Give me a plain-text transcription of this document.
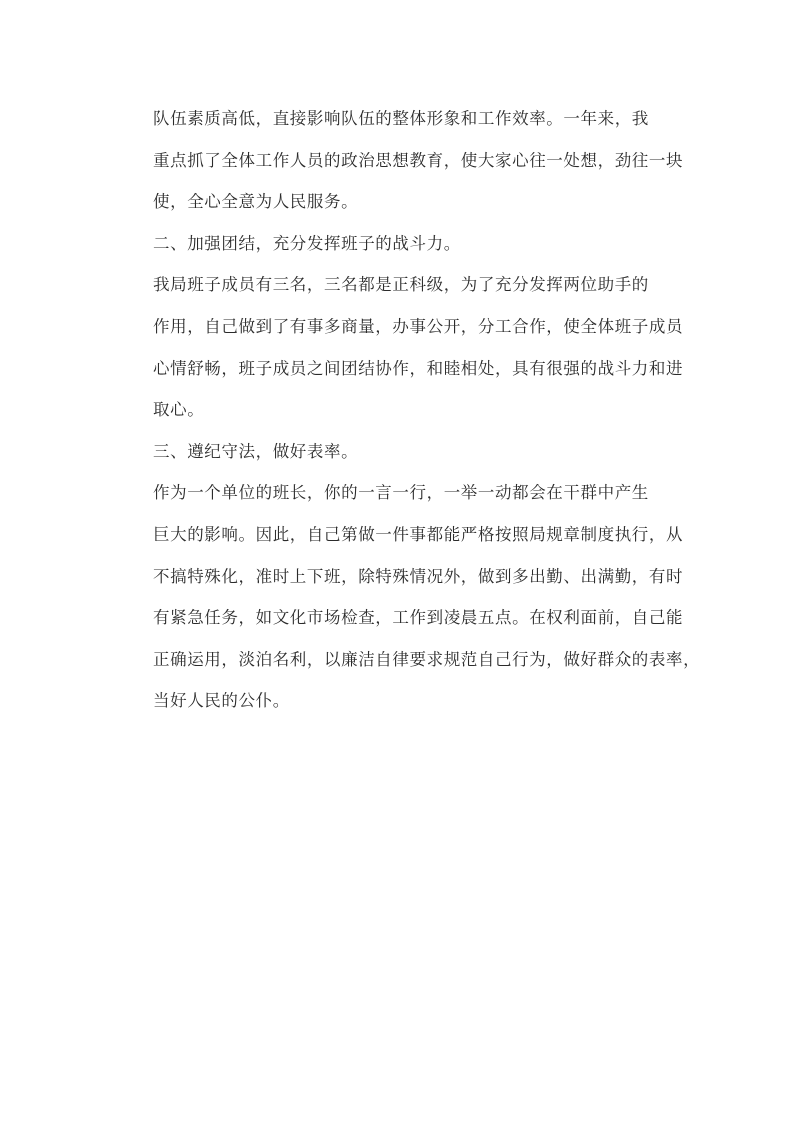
队伍素质高低，直接影响队伍的整体形象和工作效率。一年来，我
重点抓了全体工作人员的政治思想教育，使大家心往一处想，劲往一块
使，全心全意为人民服务。

二、加强团结，充分发挥班子的战斗力。

我局班子成员有三名，三名都是正科级，为了充分发挥两位助手的
作用，自己做到了有事多商量，办事公开，分工合作，使全体班子成员
心情舒畅，班子成员之间团结协作，和睦相处，具有很强的战斗力和进
取心。

三、遵纪守法，做好表率。

作为一个单位的班长，你的一言一行，一举一动都会在干群中产生
巨大的影响。因此，自己第做一件事都能严格按照局规章制度执行，从
不搞特殊化，准时上下班，除特殊情况外，做到多出勤、出满勤，有时
有紧急任务，如文化市场检查，工作到凌晨五点。在权利面前，自己能
正确运用，淡泊名利，以廉洁自律要求规范自己行为，做好群众的表率，
当好人民的公仆。
